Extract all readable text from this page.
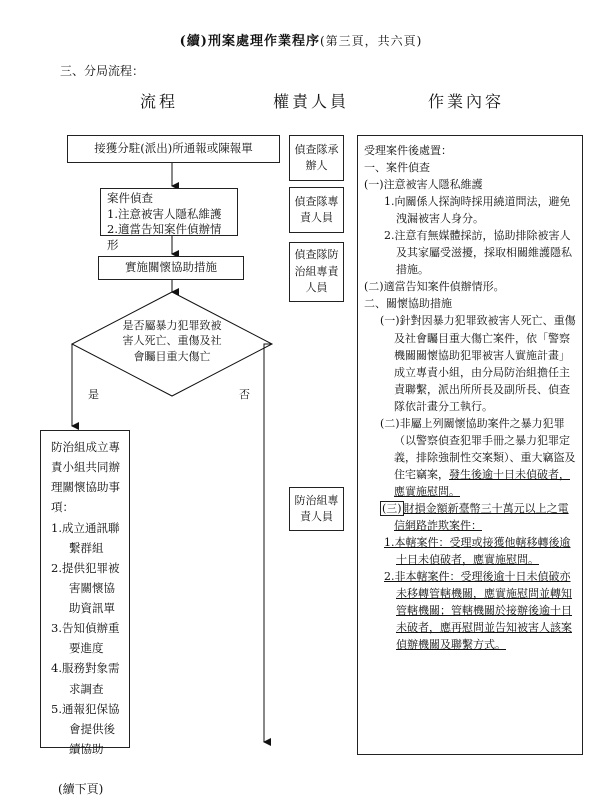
(續)刑案處理作業程序(第三頁，共六頁)
三、分局流程：
流程	權責人員	作業內容
接獲分駐(派出)所通報或陳報單
案件偵查
1.注意被害人隱私維護
2.適當告知案件偵辦情形
實施關懷協助措施
是否屬暴力犯罪致被害人死亡、重傷及社會矚目重大傷亡
是	否

防治組成立專責小組共同辦理關懷協助事項：

1.成立通訊聯繫群組

2.提供犯罪被害關懷協助資訊單

3.告知偵辦重要進度

4.服務對象需求調查

5.通報犯保協會提供後續協助

偵查隊承辦人
偵查隊專責人員
偵查隊防治組專責人員
防治組專責人員

受理案件後處置：

一、案件偵查

(一)注意被害人隱私維護

1.向關係人探詢時採用繞道問法，避免洩漏被害人身分。

2.注意有無媒體採訪，協助排除被害人及其家屬受滋擾，採取相關維護隱私措施。

(二)適當告知案件偵辦情形。

二、關懷協助措施

(一)針對因暴力犯罪致被害人死亡、重傷及社會矚目重大傷亡案件，依「警察機關關懷協助犯罪被害人實施計畫」成立專責小組，由分局防治組擔任主責聯繫，派出所所長及副所長、偵查隊依計畫分工執行。

(二)非屬上列關懷協助案件之暴力犯罪（以警察偵查犯罪手冊之暴力犯罪定義，排除強制性交案類）、重大竊盜及住宅竊案，發生後逾十日未偵破者，應實施慰問。

(三) 財損金額新臺幣三十萬元以上之電信網路詐欺案件：

1.本轄案件：受理或接獲他轄移轉後逾十日未偵破者，應實施慰問。

2.非本轄案件：受理後逾十日未偵破亦未移轉管轄機關，應實施慰問並轉知管轄機關；管轄機關於接辦後逾十日未破者，應再慰問並告知被害人該案偵辦機關及聯繫方式。

(續下頁)
